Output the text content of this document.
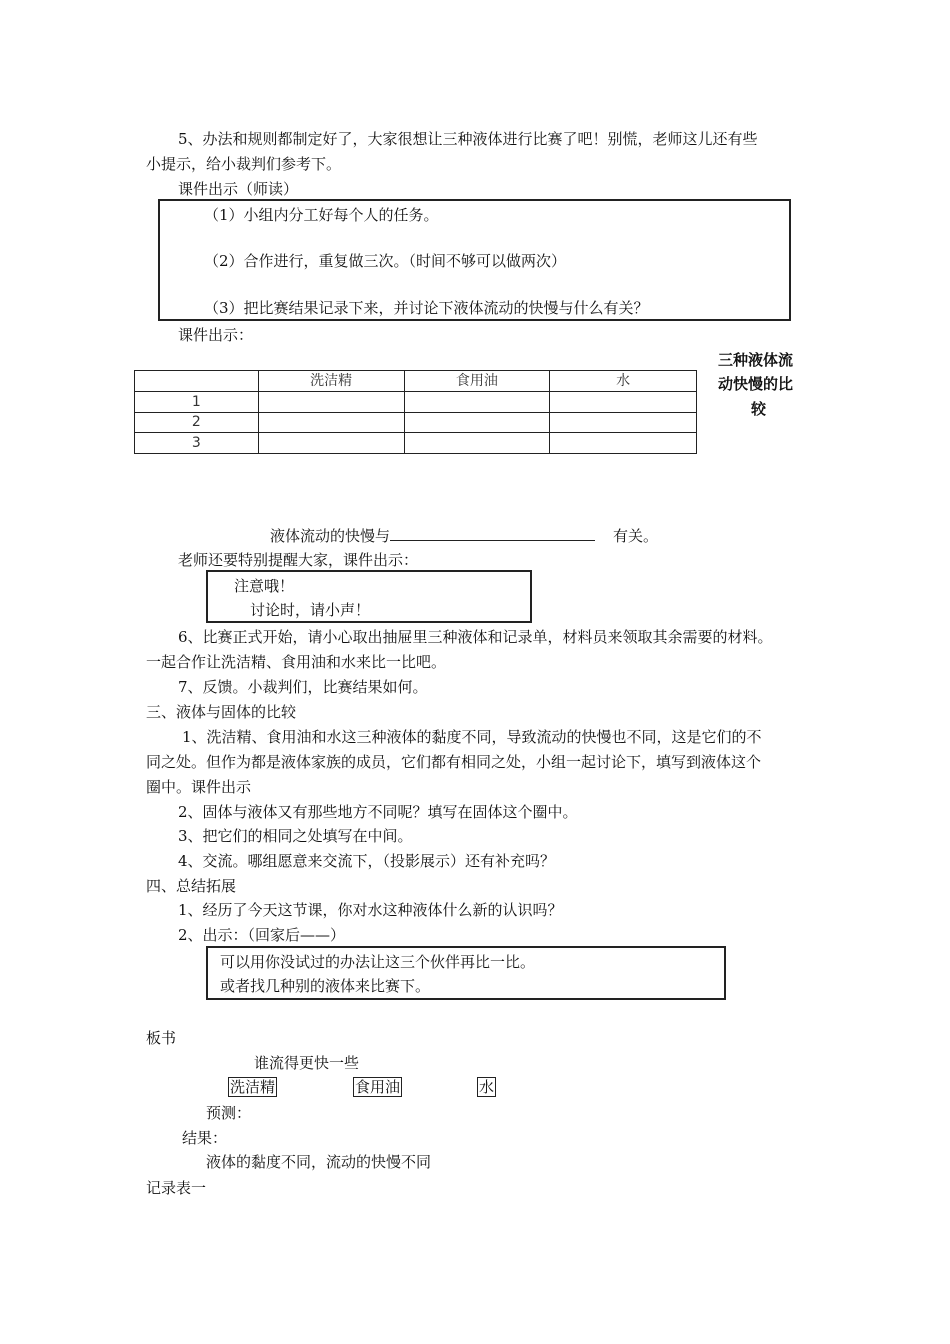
5、办法和规则都制定好了，大家很想让三种液体进行比赛了吧！别慌，老师这儿还有些
小提示，给小裁判们参考下。
课件出示（师读）
（1）小组内分工好每个人的任务。
（2）合作进行，重复做三次。（时间不够可以做两次）
（3）把比赛结果记录下来，并讨论下液体流动的快慢与什么有关？
课件出示：
三种液体流
动快慢的比
较
	洗洁精	食用油	水
1			
2			
3			
液体流动的快慢与	有关。
老师还要特别提醒大家，课件出示：
注意哦！
讨论时，请小声！
6、比赛正式开始，请小心取出抽屉里三种液体和记录单，材料员来领取其余需要的材料。
一起合作让洗洁精、食用油和水来比一比吧。
7、反馈。小裁判们，比赛结果如何。
三、液体与固体的比较
1、洗洁精、食用油和水这三种液体的黏度不同，导致流动的快慢也不同，这是它们的不
同之处。但作为都是液体家族的成员，它们都有相同之处，小组一起讨论下，填写到液体这个
圈中。课件出示
2、固体与液体又有那些地方不同呢？填写在固体这个圈中。
3、把它们的相同之处填写在中间。
4、交流。哪组愿意来交流下，（投影展示）还有补充吗？
四、总结拓展
1、经历了今天这节课，你对水这种液体什么新的认识吗？
2、出示：（回家后——）
可以用你没试过的办法让这三个伙伴再比一比。
或者找几种别的液体来比赛下。
板书
谁流得更快一些
洗洁精	食用油	水
预测：
结果：
液体的黏度不同，流动的快慢不同
记录表一
